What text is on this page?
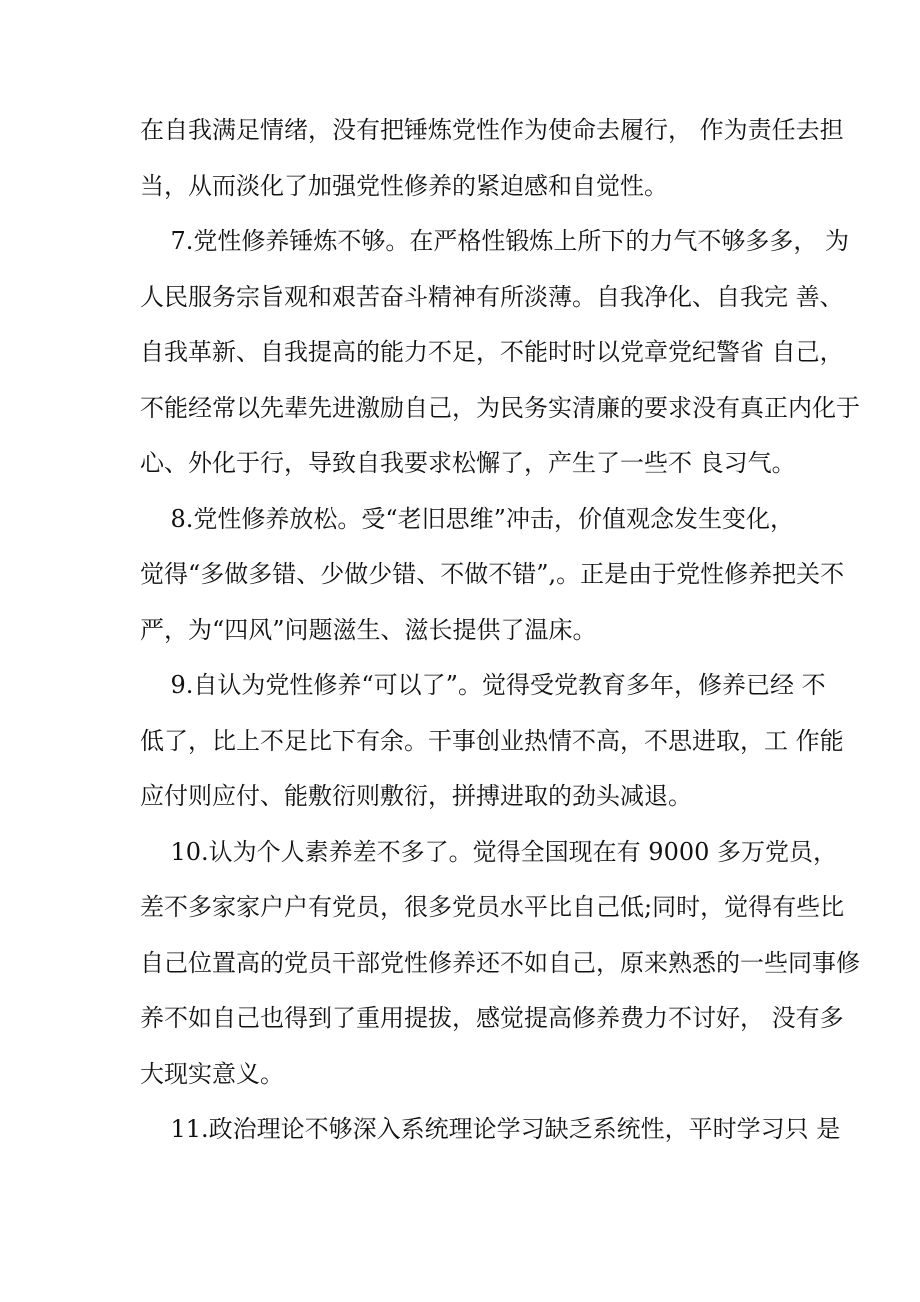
在自我满足情绪，没有把锤炼党性作为使命去履行， 作为责任去担
当，从而淡化了加强党性修养的紧迫感和自觉性。
7.党性修养锤炼不够。在严格性锻炼上所下的力气不够多多， 为
人民服务宗旨观和艰苦奋斗精神有所淡薄。自我净化、自我完 善、
自我革新、自我提高的能力不足，不能时时以党章党纪警省 自己，
不能经常以先辈先进激励自己，为民务实清廉的要求没有真正内化于
心、外化于行，导致自我要求松懈了，产生了一些不 良习气。
8.党性修养放松。受“老旧思维”冲击，价值观念发生变化，
觉得“多做多错、少做少错、不做不错”,。正是由于党性修养把关不
严，为“四风”问题滋生、滋长提供了温床。
9.自认为党性修养“可以了”。觉得受党教育多年，修养已经 不
低了，比上不足比下有余。干事创业热情不高，不思进取，工 作能
应付则应付、能敷衍则敷衍，拼搏进取的劲头减退。
10.认为个人素养差不多了。觉得全国现在有 9000 多万党员，
差不多家家户户有党员，很多党员水平比自己低;同时，觉得有些比
自己位置高的党员干部党性修养还不如自己，原来熟悉的一些同事修
养不如自己也得到了重用提拔，感觉提高修养费力不讨好， 没有多
大现实意义。
11.政治理论不够深入系统理论学习缺乏系统性，平时学习只 是
